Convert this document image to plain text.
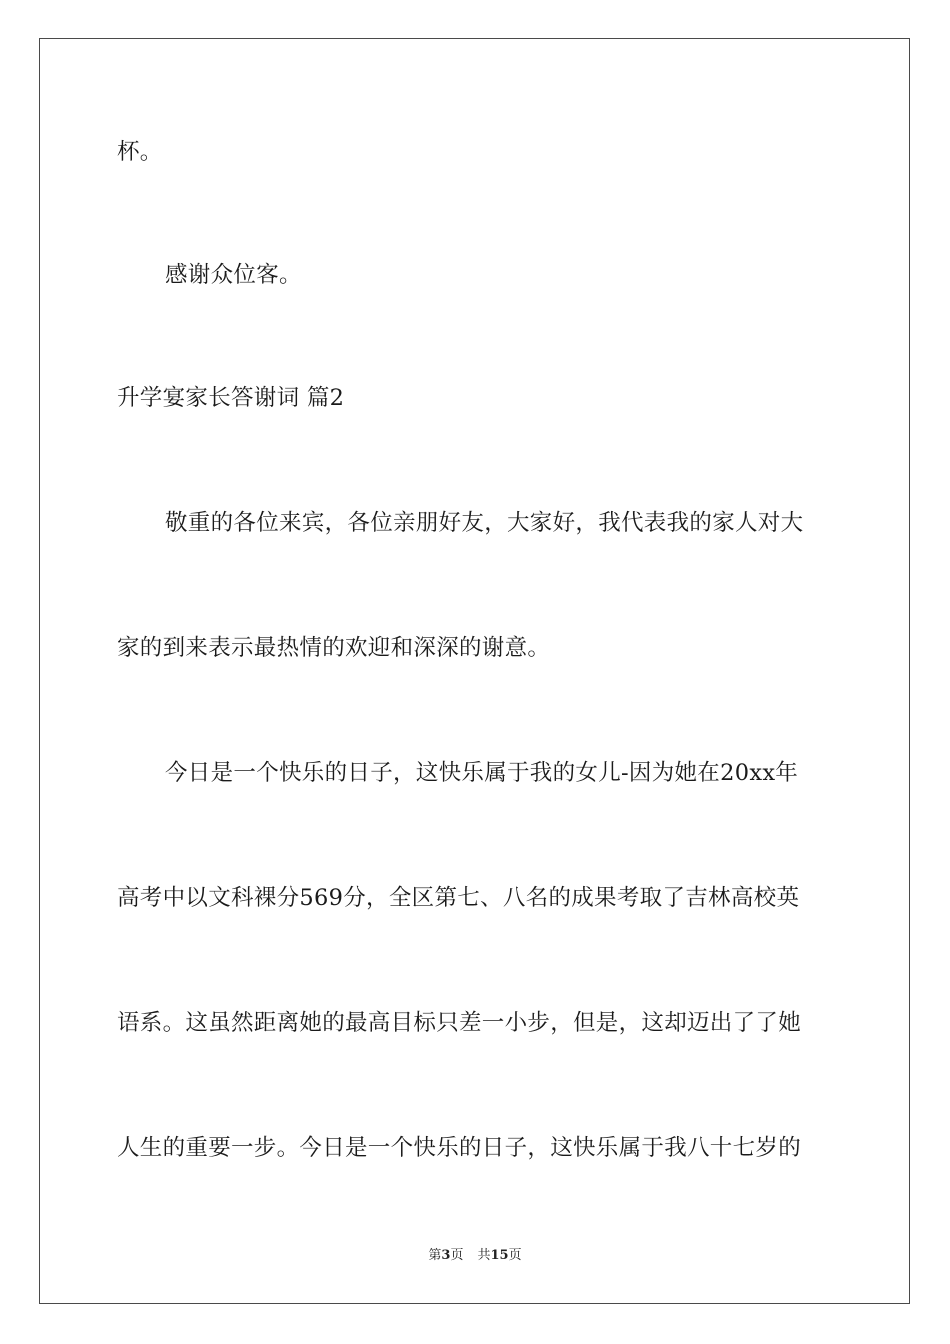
杯。
感谢众位客。
升学宴家长答谢词 篇2
敬重的各位来宾，各位亲朋好友，大家好，我代表我的家人对大
家的到来表示最热情的欢迎和深深的谢意。
今日是一个快乐的日子，这快乐属于我的女儿-因为她在20xx年
高考中以文科裸分569分，全区第七、八名的成果考取了吉林高校英
语系。这虽然距离她的最高目标只差一小步，但是，这却迈出了了她
人生的重要一步。今日是一个快乐的日子，这快乐属于我八十七岁的
第3页 共15页
